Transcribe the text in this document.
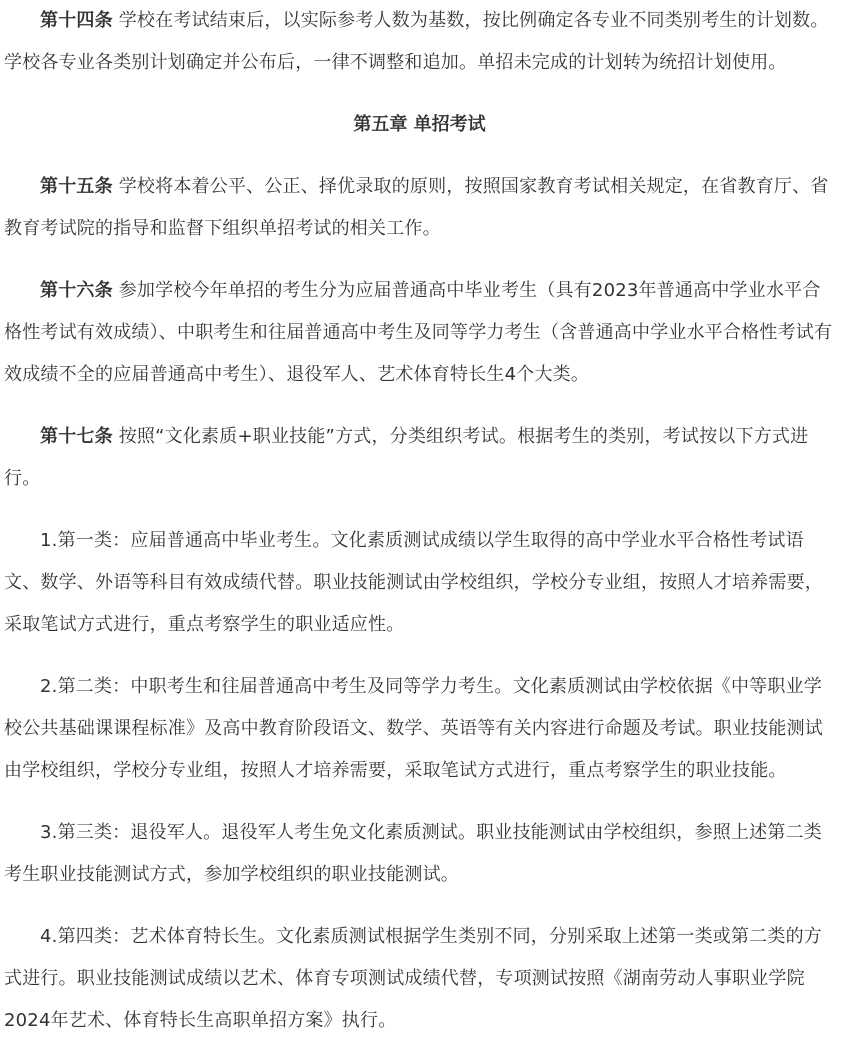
第十四条 学校在考试结束后，以实际参考人数为基数，按比例确定各专业不同类别考生的计划数。学校各专业各类别计划确定并公布后，一律不调整和追加。单招未完成的计划转为统招计划使用。

第五章 单招考试

第十五条 学校将本着公平、公正、择优录取的原则，按照国家教育考试相关规定，在省教育厅、省教育考试院的指导和监督下组织单招考试的相关工作。

第十六条 参加学校今年单招的考生分为应届普通高中毕业考生（具有2023年普通高中学业水平合格性考试有效成绩）、中职考生和往届普通高中考生及同等学力考生（含普通高中学业水平合格性考试有效成绩不全的应届普通高中考生）、退役军人、艺术体育特长生4个大类。

第十七条 按照“文化素质+职业技能”方式，分类组织考试。根据考生的类别，考试按以下方式进行。

1.第一类：应届普通高中毕业考生。文化素质测试成绩以学生取得的高中学业水平合格性考试语文、数学、外语等科目有效成绩代替。职业技能测试由学校组织，学校分专业组，按照人才培养需要，采取笔试方式进行，重点考察学生的职业适应性。

2.第二类：中职考生和往届普通高中考生及同等学力考生。文化素质测试由学校依据《中等职业学校公共基础课课程标准》及高中教育阶段语文、数学、英语等有关内容进行命题及考试。职业技能测试由学校组织，学校分专业组，按照人才培养需要，采取笔试方式进行，重点考察学生的职业技能。

3.第三类：退役军人。退役军人考生免文化素质测试。职业技能测试由学校组织，参照上述第二类考生职业技能测试方式，参加学校组织的职业技能测试。

4.第四类：艺术体育特长生。文化素质测试根据学生类别不同，分别采取上述第一类或第二类的方式进行。职业技能测试成绩以艺术、体育专项测试成绩代替，专项测试按照《湖南劳动人事职业学院2024年艺术、体育特长生高职单招方案》执行。
